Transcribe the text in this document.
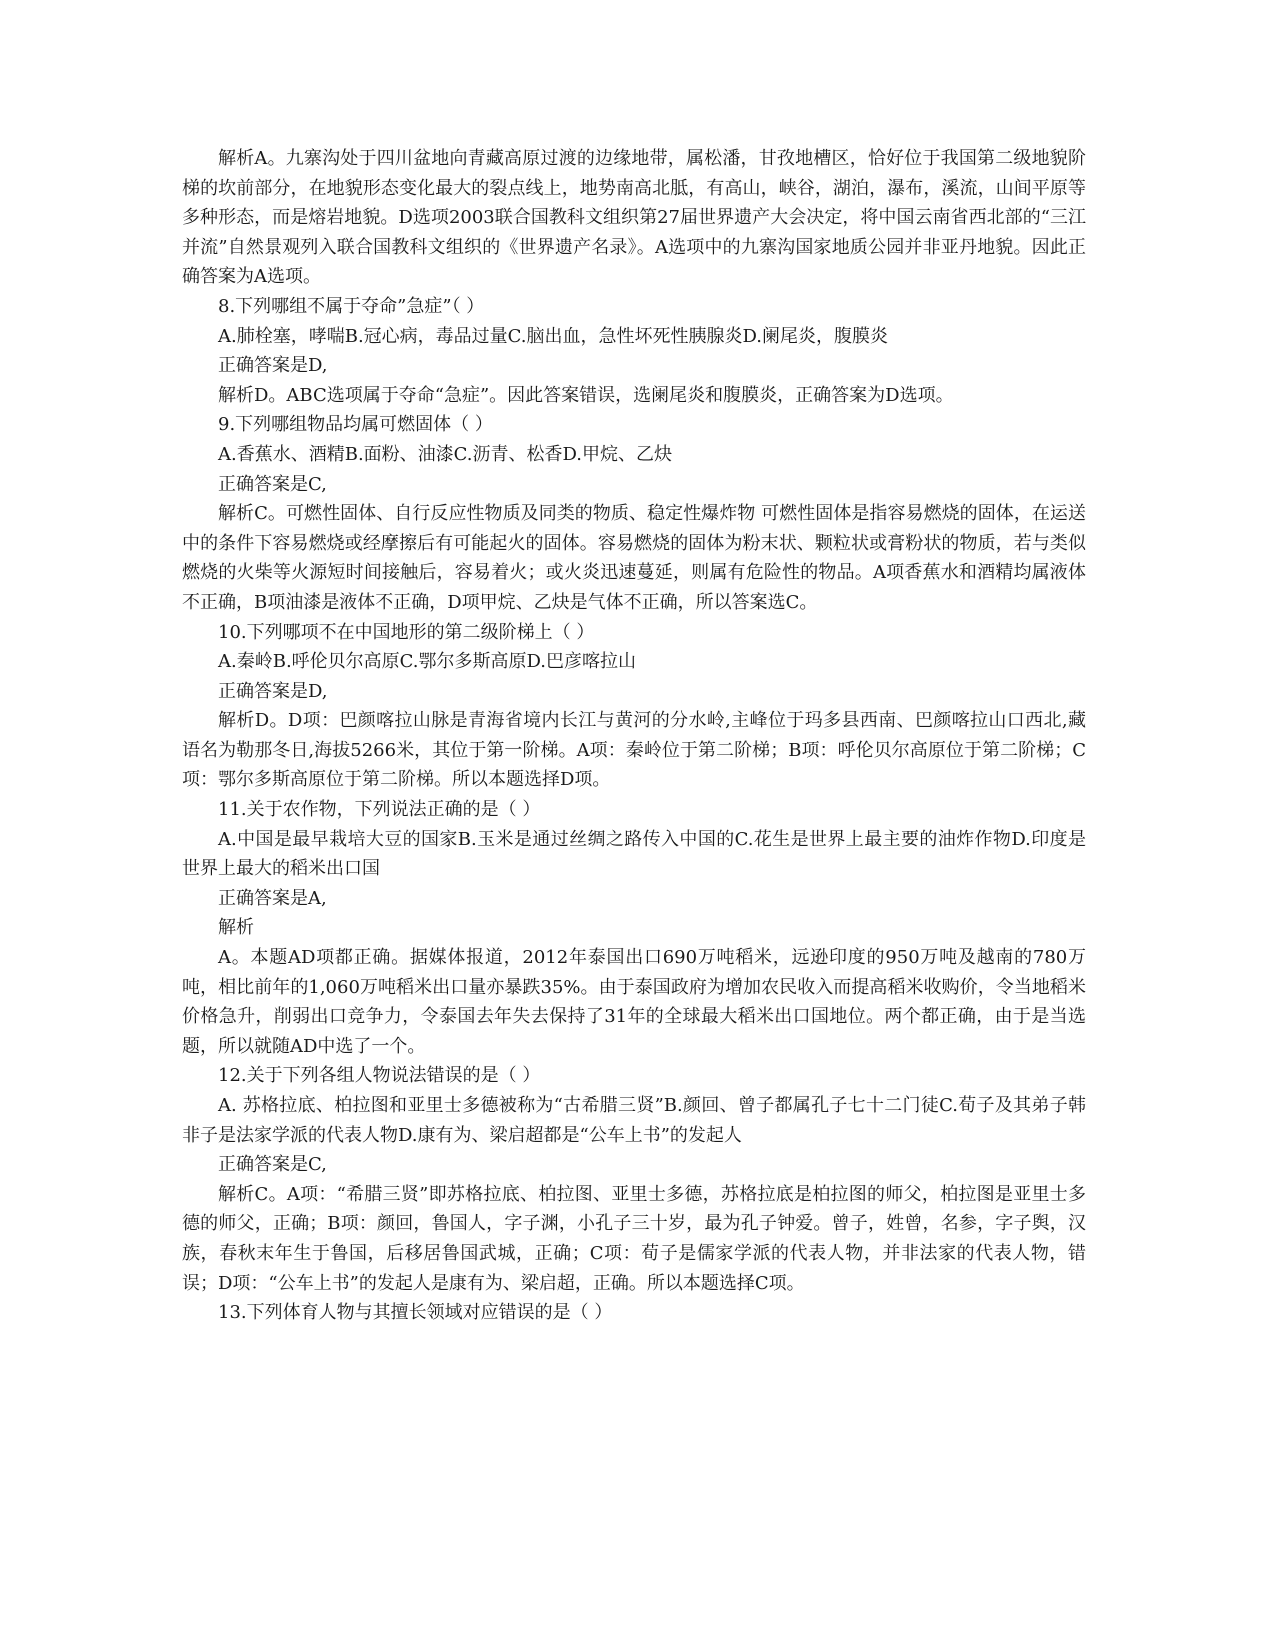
解析A。九寨沟处于四川盆地向青藏高原过渡的边缘地带，属松潘，甘孜地槽区，恰好位于我国第二级地貌阶梯的坎前部分，在地貌形态变化最大的裂点线上，地势南高北胝，有高山，峡谷，湖泊，瀑布，溪流，山间平原等多种形态，而是熔岩地貌。D选项2003联合国教科文组织第27届世界遗产大会决定，将中国云南省西北部的“三江并流”自然景观列入联合国教科文组织的《世界遗产名录》。A选项中的九寨沟国家地质公园并非亚丹地貌。因此正确答案为A选项。

8.下列哪组不属于夺命”急症”（ ）

A.肺栓塞，哮喘B.冠心病，毒品过量C.脑出血，急性坏死性胰腺炎D.阑尾炎，腹膜炎

正确答案是D,

解析D。ABC选项属于夺命“急症”。因此答案错误，选阑尾炎和腹膜炎，正确答案为D选项。

9.下列哪组物品均属可燃固体（ ）

A.香蕉水、酒精B.面粉、油漆C.沥青、松香D.甲烷、乙炔

正确答案是C,

解析C。可燃性固体、自行反应性物质及同类的物质、稳定性爆炸物 可燃性固体是指容易燃烧的固体，在运送中的条件下容易燃烧或经摩擦后有可能起火的固体。容易燃烧的固体为粉末状、颗粒状或膏粉状的物质，若与类似燃烧的火柴等火源短时间接触后，容易着火；或火炎迅速蔓延，则属有危险性的物品。A项香蕉水和酒精均属液体不正确，B项油漆是液体不正确，D项甲烷、乙炔是气体不正确，所以答案选C。

10.下列哪项不在中国地形的第二级阶梯上（ ）

A.秦岭B.呼伦贝尔高原C.鄂尔多斯高原D.巴彦喀拉山

正确答案是D,

解析D。D项：巴颜喀拉山脉是青海省境内长江与黄河的分水岭,主峰位于玛多县西南、巴颜喀拉山口西北,藏语名为勒那冬日,海拔5266米，其位于第一阶梯。A项：秦岭位于第二阶梯；B项：呼伦贝尔高原位于第二阶梯；C项：鄂尔多斯高原位于第二阶梯。所以本题选择D项。

11.关于农作物，下列说法正确的是（ ）

A.中国是最早栽培大豆的国家B.玉米是通过丝绸之路传入中国的C.花生是世界上最主要的油炸作物D.印度是世界上最大的稻米出口国

正确答案是A,

解析

A。本题AD项都正确。据媒体报道，2012年泰国出口690万吨稻米，远逊印度的950万吨及越南的780万吨，相比前年的1,060万吨稻米出口量亦暴跌35%。由于泰国政府为增加农民收入而提高稻米收购价，令当地稻米价格急升，削弱出口竞争力，令泰国去年失去保持了31年的全球最大稻米出口国地位。两个都正确，由于是当选题，所以就随AD中选了一个。

12.关于下列各组人物说法错误的是（ ）

A. 苏格拉底、柏拉图和亚里士多德被称为“古希腊三贤”B.颜回、曾子都属孔子七十二门徒C.荀子及其弟子韩非子是法家学派的代表人物D.康有为、梁启超都是“公车上书”的发起人

正确答案是C,

解析C。A项：“希腊三贤”即苏格拉底、柏拉图、亚里士多德，苏格拉底是柏拉图的师父，柏拉图是亚里士多德的师父，正确；B项：颜回，鲁国人，字子渊，小孔子三十岁，最为孔子钟爱。曾子，姓曾，名参，字子舆，汉族，春秋末年生于鲁国，后移居鲁国武城，正确；C项：荀子是儒家学派的代表人物，并非法家的代表人物，错误；D项：“公车上书”的发起人是康有为、梁启超，正确。所以本题选择C项。

13.下列体育人物与其擅长领域对应错误的是（ ）
